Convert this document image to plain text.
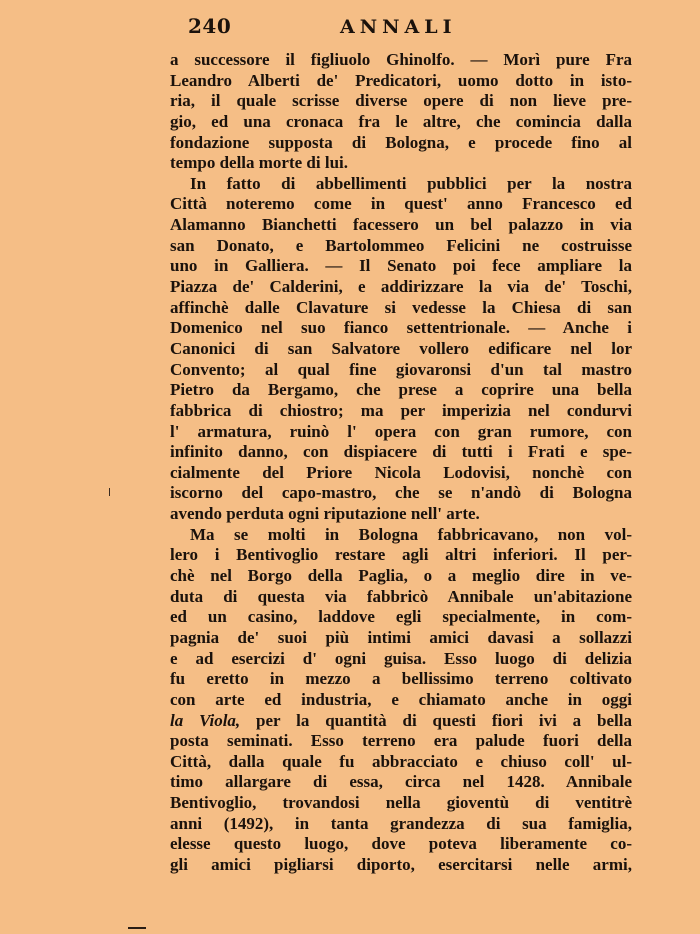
240	ANNALI
a successore il figliuolo Ghinolfo. — Morì pure Fra
Leandro Alberti de' Predicatori, uomo dotto in isto-
ria, il quale scrisse diverse opere di non lieve pre-
gio, ed una cronaca fra le altre, che comincia dalla
fondazione supposta di Bologna, e procede fino al
tempo della morte di lui.
In fatto di abbellimenti pubblici per la nostra
Città noteremo come in quest' anno Francesco ed
Alamanno Bianchetti facessero un bel palazzo in via
san Donato, e Bartolommeo Felicini ne costruisse
uno in Galliera. — Il Senato poi fece ampliare la
Piazza de' Calderini, e addirizzare la via de' Toschi,
affinchè dalle Clavature si vedesse la Chiesa di san
Domenico nel suo fianco settentrionale. — Anche i
Canonici di san Salvatore vollero edificare nel lor
Convento; al qual fine giovaronsi d'un tal mastro
Pietro da Bergamo, che prese a coprire una bella
fabbrica di chiostro; ma per imperizia nel condurvi
l' armatura, ruinò l' opera con gran rumore, con
infinito danno, con dispiacere di tutti i Frati e spe-
cialmente del Priore Nicola Lodovisi, nonchè con
iscorno del capo-mastro, che se n'andò di Bologna
avendo perduta ogni riputazione nell' arte.
Ma se molti in Bologna fabbricavano, non vol-
lero i Bentivoglio restare agli altri inferiori. Il per-
chè nel Borgo della Paglia, o a meglio dire in ve-
duta di questa via fabbricò Annibale un'abitazione
ed un casino, laddove egli specialmente, in com-
pagnia de' suoi più intimi amici davasi a sollazzi
e ad esercizi d' ogni guisa. Esso luogo di delizia
fu eretto in mezzo a bellissimo terreno coltivato
con arte ed industria, e chiamato anche in oggi
la Viola, per la quantità di questi fiori ivi a bella
posta seminati. Esso terreno era palude fuori della
Città, dalla quale fu abbracciato e chiuso coll' ul-
timo allargare di essa, circa nel 1428. Annibale
Bentivoglio, trovandosi nella gioventù di ventitrè
anni (1492), in tanta grandezza di sua famiglia,
elesse questo luogo, dove poteva liberamente co-
gli amici pigliarsi diporto, esercitarsi nelle armi,
